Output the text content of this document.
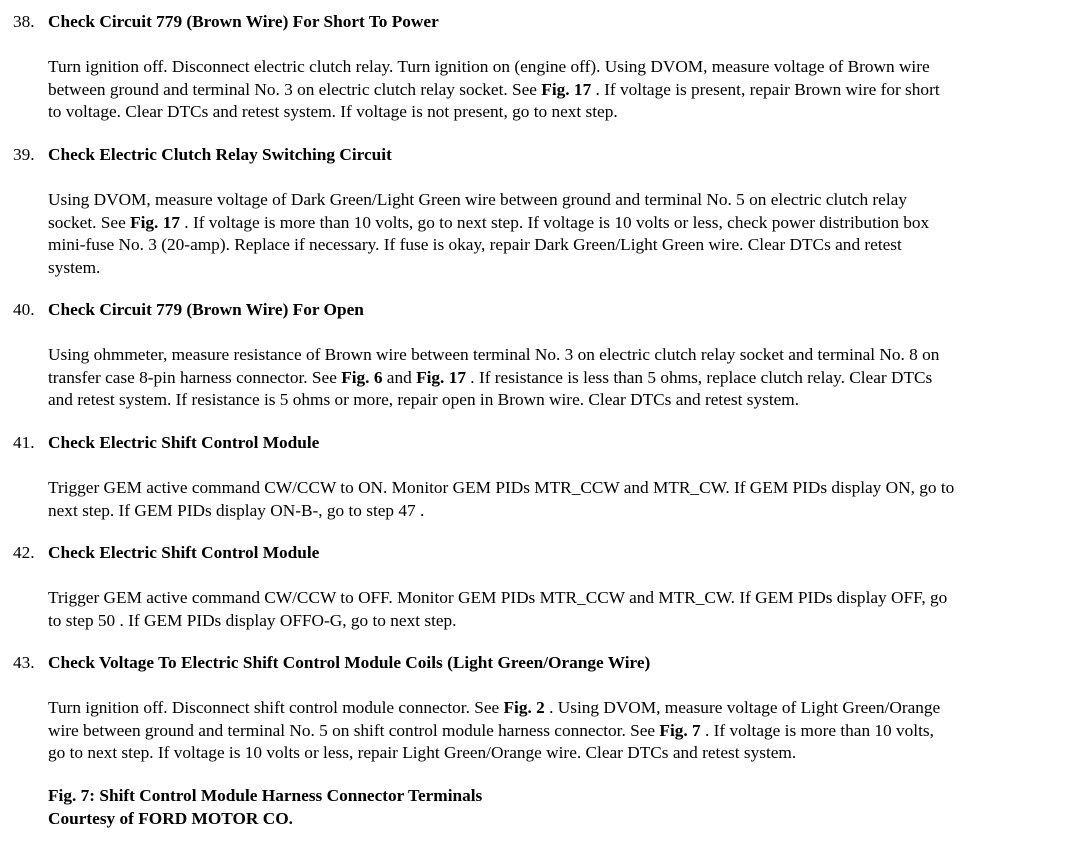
38. Check Circuit 779 (Brown Wire) For Short To Power
Turn ignition off. Disconnect electric clutch relay. Turn ignition on (engine off). Using DVOM, measure voltage of Brown wire
between ground and terminal No. 3 on electric clutch relay socket. See Fig. 17 . If voltage is present, repair Brown wire for short
to voltage. Clear DTCs and retest system. If voltage is not present, go to next step.
39. Check Electric Clutch Relay Switching Circuit
Using DVOM, measure voltage of Dark Green/Light Green wire between ground and terminal No. 5 on electric clutch relay
socket. See Fig. 17 . If voltage is more than 10 volts, go to next step. If voltage is 10 volts or less, check power distribution box
mini-fuse No. 3 (20-amp). Replace if necessary. If fuse is okay, repair Dark Green/Light Green wire. Clear DTCs and retest
system.
40. Check Circuit 779 (Brown Wire) For Open
Using ohmmeter, measure resistance of Brown wire between terminal No. 3 on electric clutch relay socket and terminal No. 8 on
transfer case 8-pin harness connector. See Fig. 6 and Fig. 17 . If resistance is less than 5 ohms, replace clutch relay. Clear DTCs
and retest system. If resistance is 5 ohms or more, repair open in Brown wire. Clear DTCs and retest system.
41. Check Electric Shift Control Module
Trigger GEM active command CW/CCW to ON. Monitor GEM PIDs MTR_CCW and MTR_CW. If GEM PIDs display ON, go to
next step. If GEM PIDs display ON-B-, go to step 47 .
42. Check Electric Shift Control Module
Trigger GEM active command CW/CCW to OFF. Monitor GEM PIDs MTR_CCW and MTR_CW. If GEM PIDs display OFF, go
to step 50 . If GEM PIDs display OFFO-G, go to next step.
43. Check Voltage To Electric Shift Control Module Coils (Light Green/Orange Wire)
Turn ignition off. Disconnect shift control module connector. See Fig. 2 . Using DVOM, measure voltage of Light Green/Orange
wire between ground and terminal No. 5 on shift control module harness connector. See Fig. 7 . If voltage is more than 10 volts,
go to next step. If voltage is 10 volts or less, repair Light Green/Orange wire. Clear DTCs and retest system.
Fig. 7: Shift Control Module Harness Connector Terminals
Courtesy of FORD MOTOR CO.
